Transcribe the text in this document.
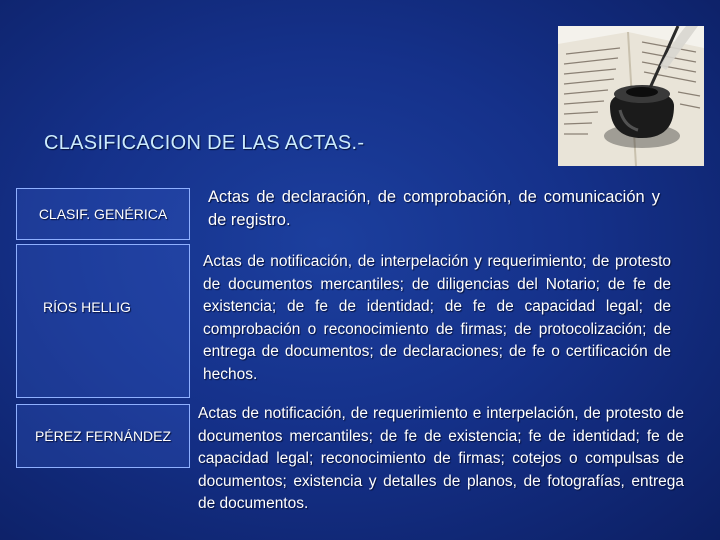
CLASIFICACION DE LAS ACTAS.-
CLASIF. GENÉRICA
Actas de declaración, de comprobación, de comunicación y de registro.
RÍOS HELLIG
Actas de notificación, de interpelación y requerimiento; de protesto de documentos mercantiles; de diligencias del Notario; de fe de existencia; de fe de identidad; de fe de capacidad legal; de comprobación o reconocimiento de firmas; de protocolización; de entrega de documentos; de declaraciones; de fe o certificación de hechos.
PÉREZ FERNÁNDEZ
Actas de notificación, de requerimiento e interpelación, de protesto de documentos mercantiles; de fe de existencia; fe de identidad; fe de capacidad legal; reconocimiento de firmas; cotejos o compulsas de documentos; existencia y detalles de planos, de fotografías, entrega de documentos.
